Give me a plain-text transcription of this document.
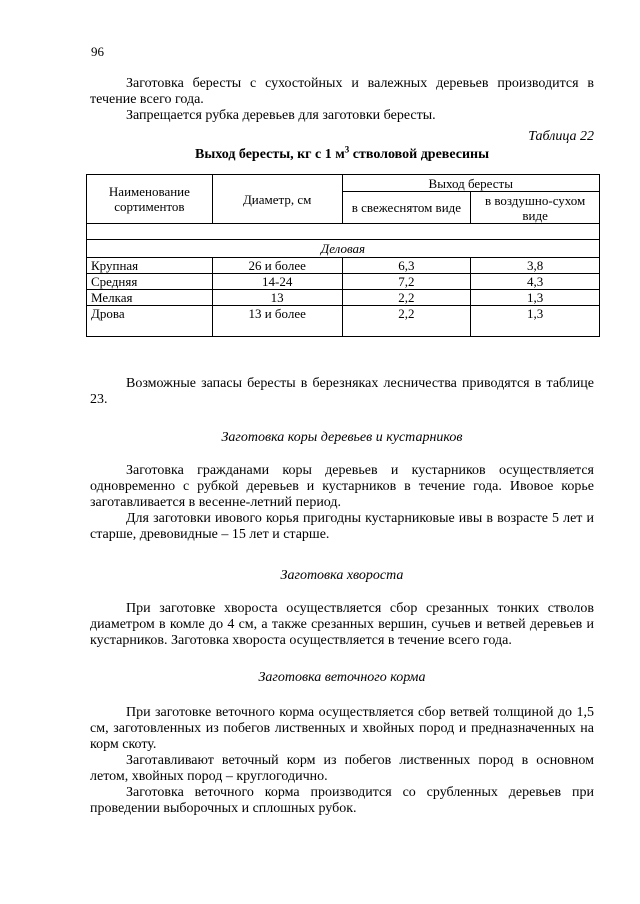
96

Заготовка бересты с сухостойных и валежных деревьев производится в течение всего года.

Запрещается рубка деревьев для заготовки бересты.

Таблица 22
Выход бересты, кг с 1 $м^3$ стволовой древесины
Наименование сортиментов	Диаметр, см	Выход бересты	
		в свежеснятом виде	в воздушно-сухом виде

Деловая			
Крупная	26 и более	6,3	3,8
Средняя	14-24	7,2	4,3
Мелкая	13	2,2	1,3
Дрова	13 и более	2,2	1,3

Возможные запасы бересты в березняках лесничества приводятся в таблице 23.

Заготовка коры деревьев и кустарников

Заготовка гражданами коры деревьев и кустарников осуществляется одновременно с рубкой деревьев и кустарников в течение года. Ивовое корье заготавливается в весенне-летний период.

Для заготовки ивового корья пригодны кустарниковые ивы в возрасте 5 лет и старше, древовидные – 15 лет и старше.

Заготовка хвороста

При заготовке хвороста осуществляется сбор срезанных тонких стволов диаметром в комле до 4 см, а также срезанных вершин, сучьев и ветвей деревьев и кустарников. Заготовка хвороста осуществляется в течение всего года.

Заготовка веточного корма

При заготовке веточного корма осуществляется сбор ветвей толщиной до 1,5 см, заготовленных из побегов лиственных и хвойных пород и предназначенных на корм скоту.

Заготавливают веточный корм из побегов лиственных пород в основном летом, хвойных пород – круглогодично.

Заготовка веточного корма производится со срубленных деревьев при проведении выборочных и сплошных рубок.
